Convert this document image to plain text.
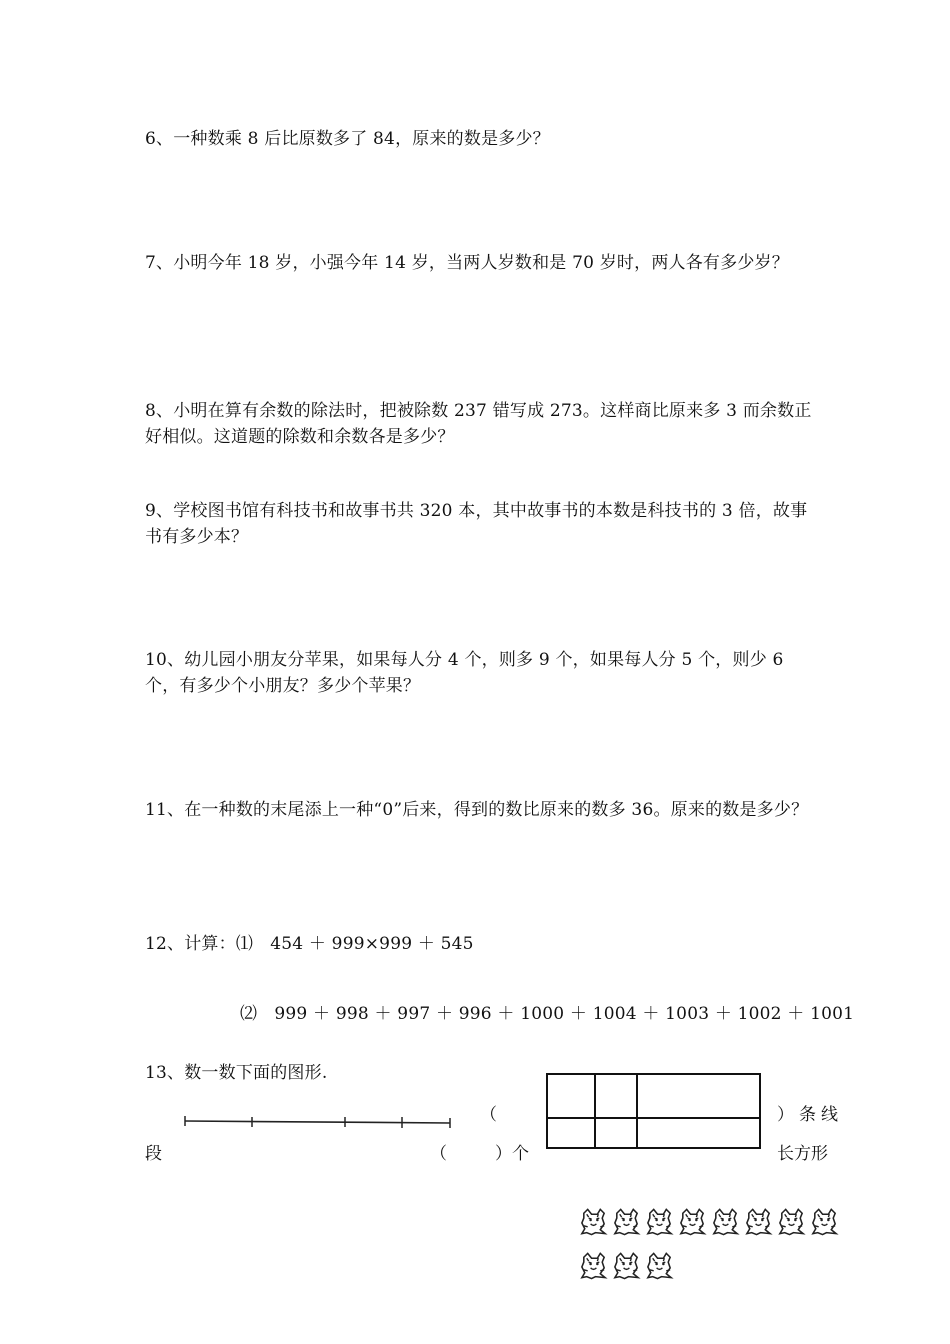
6、一种数乘 8 后比原数多了 84，原来的数是多少？
7、小明今年 18 岁，小强今年 14 岁，当两人岁数和是 70 岁时，两人各有多少岁？
8、小明在算有余数的除法时，把被除数 237 错写成 273。这样商比原来多 3 而余数正好相似。这道题的除数和余数各是多少？
9、学校图书馆有科技书和故事书共 320 本，其中故事书的本数是科技书的 3 倍，故事书有多少本？
10、幼儿园小朋友分苹果，如果每人分 4 个，则多 9 个，如果每人分 5 个，则少 6 个，有多少个小朋友？多少个苹果？
11、在一种数的末尾添上一种“0”后来，得到的数比原来的数多 36。原来的数是多少？
12、计算：⑴　454 ＋ 999×999 ＋ 545
⑵　999 ＋ 998 ＋ 997 ＋ 996 ＋ 1000 ＋ 1004 ＋ 1003 ＋ 1002 ＋ 1001
13、数一数下面的图形.
（	）条线
段	（	）个	长方形
